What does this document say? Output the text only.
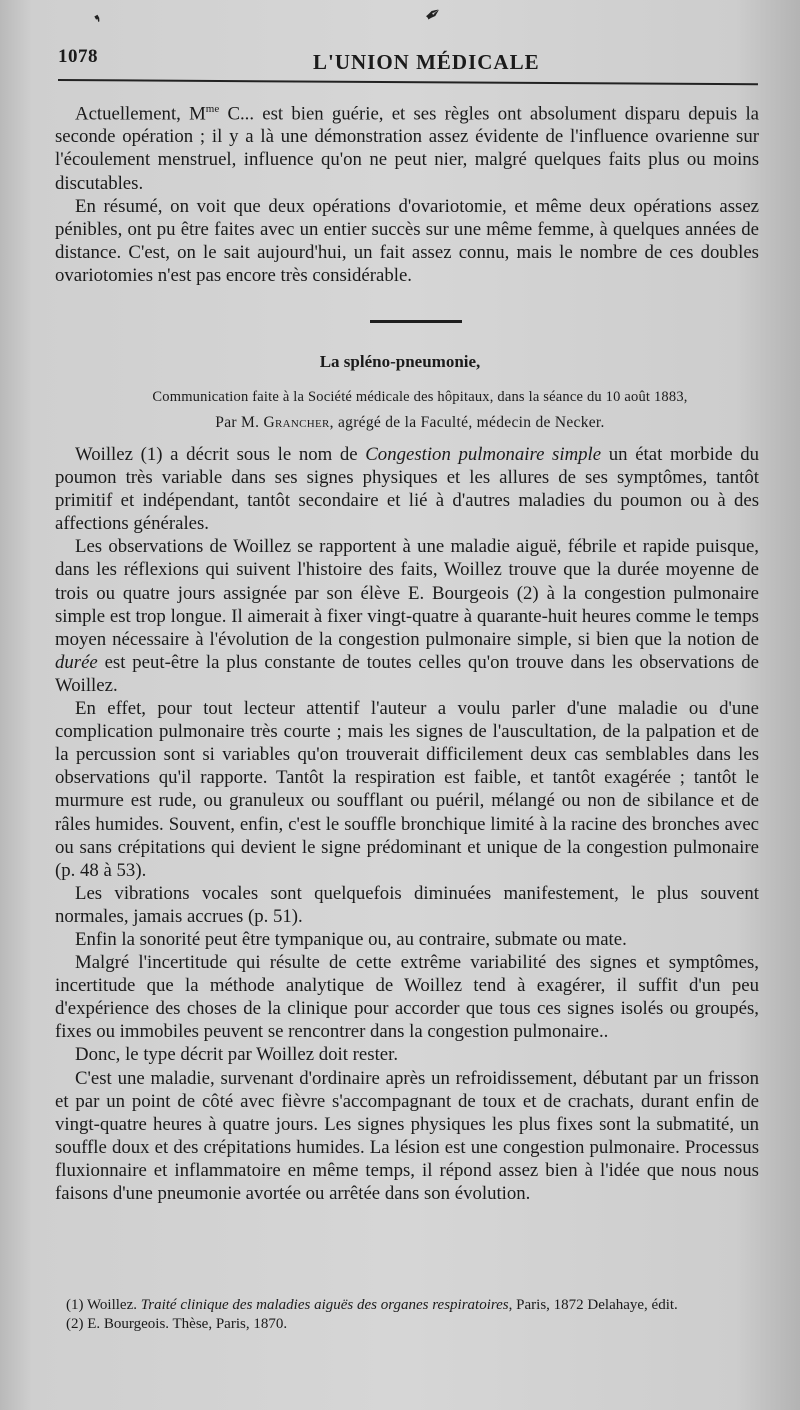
❜	✒
1078	L'UNION MÉDICALE

Actuellement, $M^{me}$ C... est bien guérie, et ses règles ont absolument disparu depuis la seconde opération ; il y a là une démonstration assez évidente de l'influence ovarienne sur l'écoulement menstruel, influence qu'on ne peut nier, malgré quelques faits plus ou moins discutables.

En résumé, on voit que deux opérations d'ovariotomie, et même deux opérations assez pénibles, ont pu être faites avec un entier succès sur une même femme, à quelques années de distance. C'est, on le sait aujourd'hui, un fait assez connu, mais le nombre de ces doubles ovariotomies n'est pas encore très considérable.

La spléno-pneumonie,
Communication faite à la Société médicale des hôpitaux, dans la séance du 10 août 1883,
Par M. Grancher, agrégé de la Faculté, médecin de Necker.

Woillez (1) a décrit sous le nom de Congestion pulmonaire simple un état morbide du poumon très variable dans ses signes physiques et les allures de ses symptômes, tantôt primitif et indépendant, tantôt secondaire et lié à d'autres maladies du poumon ou à des affections générales.

Les observations de Woillez se rapportent à une maladie aiguë, fébrile et rapide puisque, dans les réflexions qui suivent l'histoire des faits, Woillez trouve que la durée moyenne de trois ou quatre jours assignée par son élève E. Bourgeois (2) à la congestion pulmonaire simple est trop longue. Il aimerait à fixer vingt-quatre à quarante-huit heures comme le temps moyen nécessaire à l'évolution de la congestion pulmonaire simple, si bien que la notion de durée est peut-être la plus constante de toutes celles qu'on trouve dans les observations de Woillez.

En effet, pour tout lecteur attentif l'auteur a voulu parler d'une maladie ou d'une complication pulmonaire très courte ; mais les signes de l'auscultation, de la palpation et de la percussion sont si variables qu'on trouverait difficilement deux cas semblables dans les observations qu'il rapporte. Tantôt la respiration est faible, et tantôt exagérée ; tantôt le murmure est rude, ou granuleux ou soufflant ou puéril, mélangé ou non de sibilance et de râles humides. Souvent, enfin, c'est le souffle bronchique limité à la racine des bronches avec ou sans crépitations qui devient le signe prédominant et unique de la congestion pulmonaire (p. 48 à 53).

Les vibrations vocales sont quelquefois diminuées manifestement, le plus souvent normales, jamais accrues (p. 51).

Enfin la sonorité peut être tympanique ou, au contraire, submate ou mate.

Malgré l'incertitude qui résulte de cette extrême variabilité des signes et symptômes, incertitude que la méthode analytique de Woillez tend à exagérer, il suffit d'un peu d'expérience des choses de la clinique pour accorder que tous ces signes isolés ou groupés, fixes ou immobiles peuvent se rencontrer dans la congestion pulmonaire..

Donc, le type décrit par Woillez doit rester.

C'est une maladie, survenant d'ordinaire après un refroidissement, débutant par un frisson et par un point de côté avec fièvre s'accompagnant de toux et de crachats, durant enfin de vingt-quatre heures à quatre jours. Les signes physiques les plus fixes sont la submatité, un souffle doux et des crépitations humides. La lésion est une congestion pulmonaire. Processus fluxionnaire et inflammatoire en même temps, il répond assez bien à l'idée que nous nous faisons d'une pneumonie avortée ou arrêtée dans son évolution.

(1) Woillez. Traité clinique des maladies aiguës des organes respiratoires, Paris, 1872 Delahaye, édit.

(2) E. Bourgeois. Thèse, Paris, 1870.
